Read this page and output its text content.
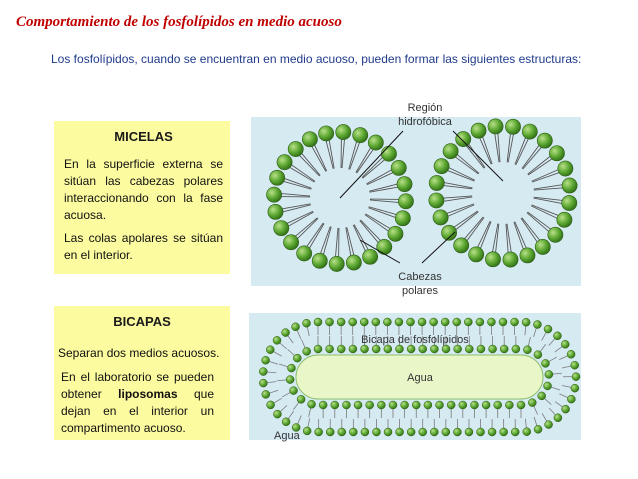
Comportamiento de los fosfolípidos en medio acuoso
Los fosfolípidos, cuando se encuentran en medio acuoso, pueden formar las siguientes estructuras:
MICELAS

En la superficie externa se sitúan las cabezas polares interaccionando con la fase acuosa.

Las colas apolares se sitúan en el interior.

BICAPAS

Separan dos medios acuosos.

En el laboratorio se pueden obtener liposomas que dejan en el interior un compartimento acuoso.

Región
hidrofóbica
Cabezas
polares
Bicapa de fosfolípidos
Agua
Agua
